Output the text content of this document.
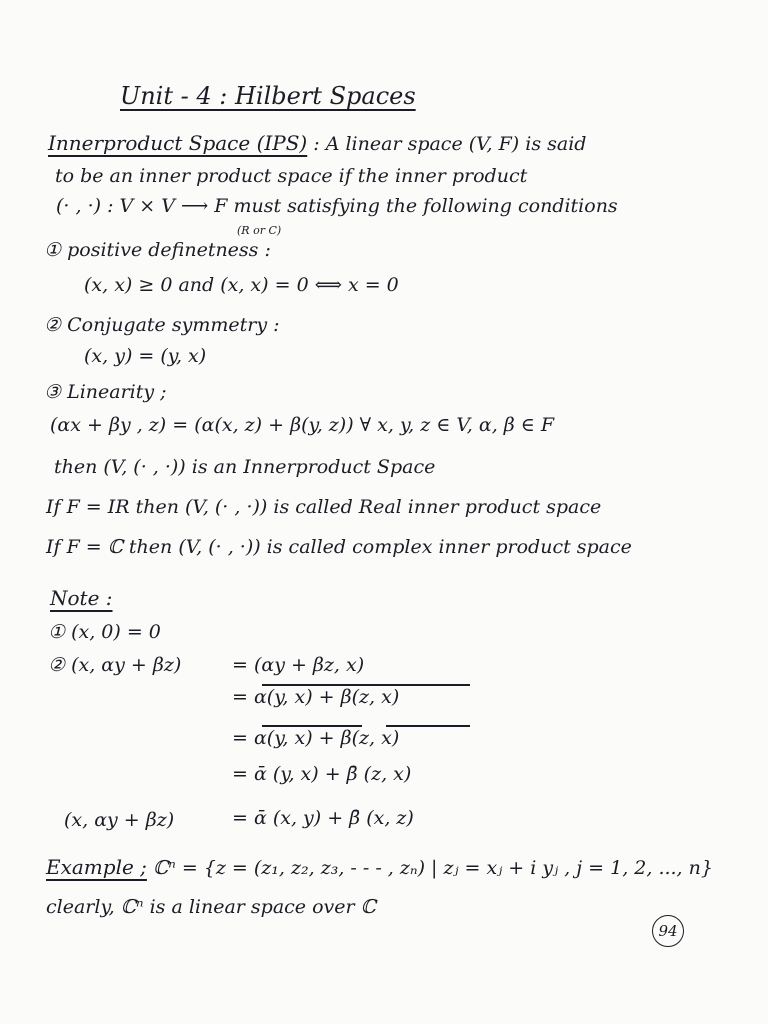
Unit - 4 : Hilbert Spaces
Innerproduct Space (IPS) : A linear space (V, F) is said
to be an inner product space if the inner product
(· , ·) : V × V ⟶ F must satisfying the following conditions
(R or C)
① positive definetness :
(x, x) ≥ 0 and (x, x) = 0 ⟺ x = 0
② Conjugate symmetry :
(x, y) = (y, x)
③ Linearity ;
(αx + βy , z) = (α(x, z) + β(y, z)) ∀ x, y, z ∈ V, α, β ∈ F
then (V, (· , ·)) is an Innerproduct Space
If F = IR then (V, (· , ·)) is called Real inner product space
If F = ℂ then (V, (· , ·)) is called complex inner product space
Note :
① (x, 0) = 0
② (x, αy + βz)	= (αy + βz, x)
= α(y, x) + β(z, x)
= α(y, x) + β(z, x)
= ᾱ (y, x) + β̄ (z, x)
(x, αy + βz)	= ᾱ (x, y) + β̄ (x, z)
Example ; ℂⁿ = {z = (z₁, z₂, z₃, - - - , zₙ) | zⱼ = xⱼ + i yⱼ , j = 1, 2, ..., n}
clearly, ℂⁿ is a linear space over ℂ
94
